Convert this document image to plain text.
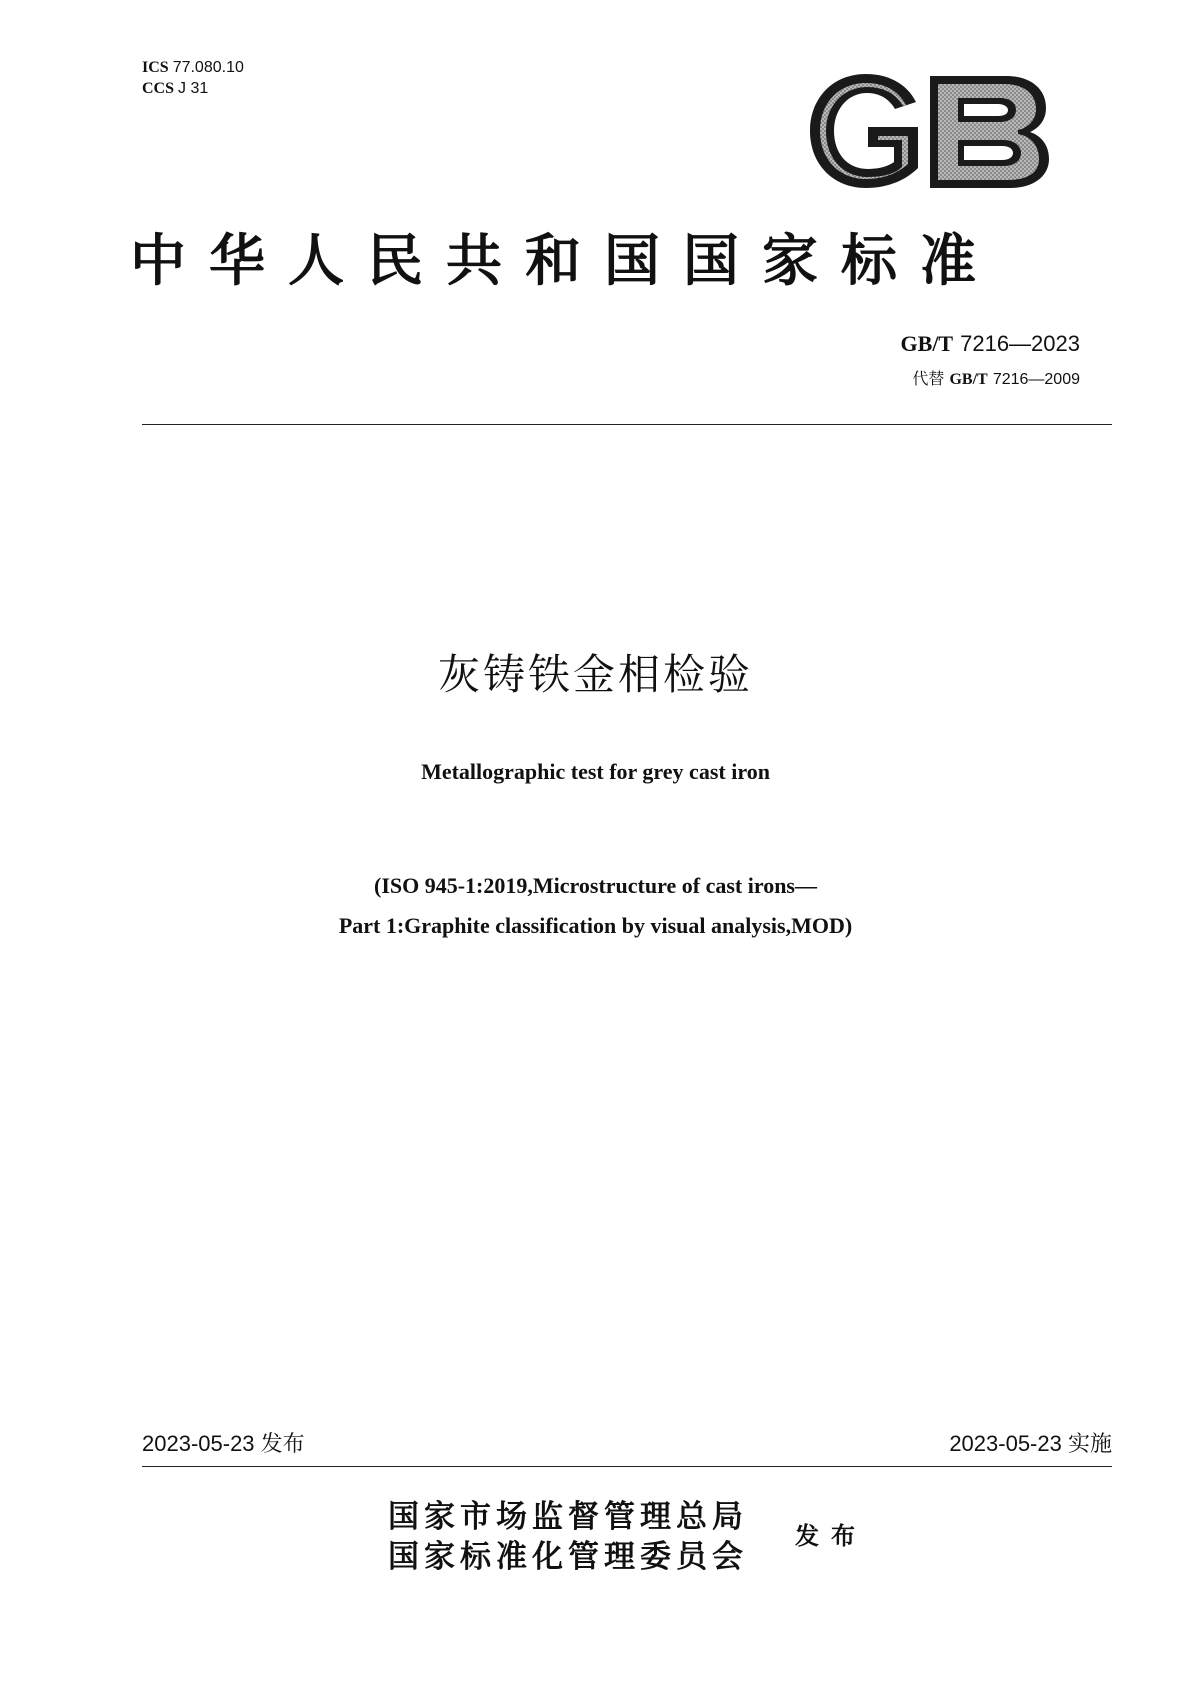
ICS 77.080.10
CCS J 31
中华人民共和国国家标准
GB/T 7216—2023
代替 GB/T 7216—2009
灰铸铁金相检验
Metallographic test for grey cast iron
(ISO 945-1:2019,Microstructure of cast irons—
Part 1:Graphite classification by visual analysis,MOD)
2023-05-23 发布	2023-05-23 实施
国家市场监督管理总局
国家标准化管理委员会
发布
